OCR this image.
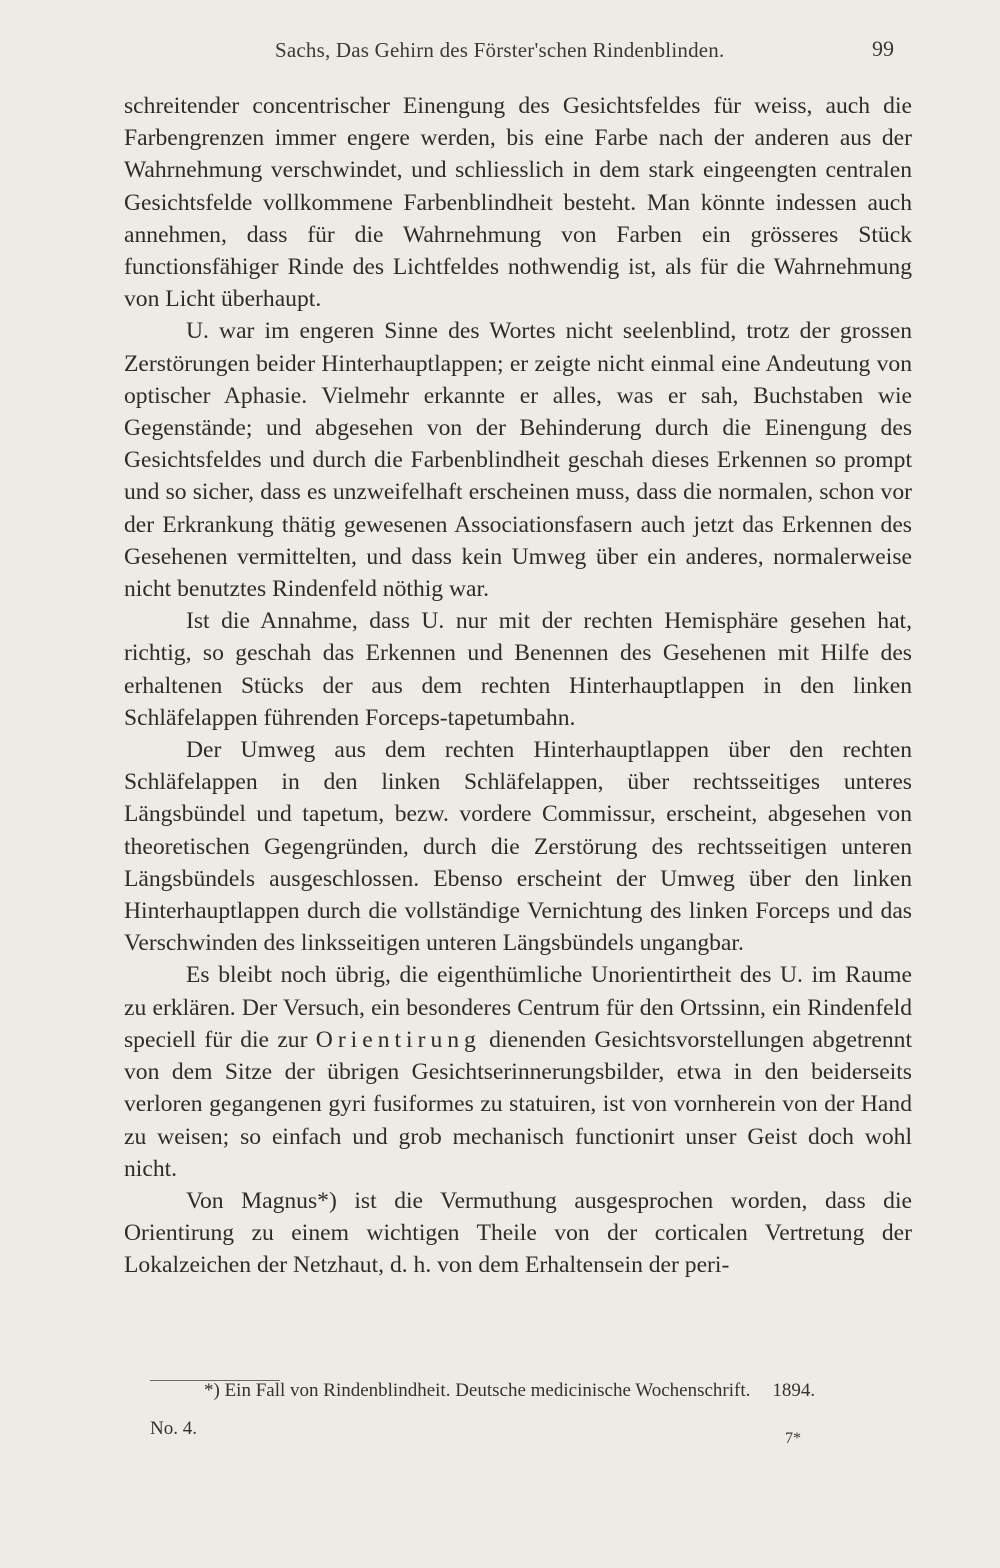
Sachs, Das Gehirn des Förster'schen Rindenblinden.	99

schreitender concentrischer Einengung des Gesichtsfeldes für weiss, auch die Farbengrenzen immer engere werden, bis eine Farbe nach der anderen aus der Wahrnehmung verschwindet, und schliesslich in dem stark eingeengten centralen Gesichtsfelde vollkommene Farbenblindheit besteht. Man könnte indessen auch annehmen, dass für die Wahrnehmung von Farben ein grösseres Stück functionsfähiger Rinde des Lichtfeldes nothwendig ist, als für die Wahrnehmung von Licht überhaupt.

U. war im engeren Sinne des Wortes nicht seelenblind, trotz der grossen Zerstörungen beider Hinterhauptlappen; er zeigte nicht einmal eine Andeutung von optischer Aphasie. Vielmehr erkannte er alles, was er sah, Buchstaben wie Gegenstände; und abgesehen von der Behinderung durch die Einengung des Gesichtsfeldes und durch die Farbenblindheit geschah dieses Erkennen so prompt und so sicher, dass es unzweifelhaft erscheinen muss, dass die normalen, schon vor der Erkrankung thätig gewesenen Associationsfasern auch jetzt das Erkennen des Gesehenen vermittelten, und dass kein Umweg über ein anderes, normalerweise nicht benutztes Rindenfeld nöthig war.

Ist die Annahme, dass U. nur mit der rechten Hemisphäre gesehen hat, richtig, so geschah das Erkennen und Benennen des Gesehenen mit Hilfe des erhaltenen Stücks der aus dem rechten Hinterhauptlappen in den linken Schläfelappen führenden Forceps-tapetumbahn.

Der Umweg aus dem rechten Hinterhauptlappen über den rechten Schläfelappen in den linken Schläfelappen, über rechtsseitiges unteres Längsbündel und tapetum, bezw. vordere Commissur, erscheint, abgesehen von theoretischen Gegengründen, durch die Zerstörung des rechtsseitigen unteren Längsbündels ausgeschlossen. Ebenso erscheint der Umweg über den linken Hinterhauptlappen durch die vollständige Vernichtung des linken Forceps und das Verschwinden des linksseitigen unteren Längsbündels ungangbar.

Es bleibt noch übrig, die eigenthümliche Unorientirtheit des U. im Raume zu erklären. Der Versuch, ein besonderes Centrum für den Ortssinn, ein Rindenfeld speciell für die zur Orientirung dienenden Gesichtsvorstellungen abgetrennt von dem Sitze der übrigen Gesichtserinnerungsbilder, etwa in den beiderseits verloren gegangenen gyri fusiformes zu statuiren, ist von vornherein von der Hand zu weisen; so einfach und grob mechanisch functionirt unser Geist doch wohl nicht.

Von Magnus*) ist die Vermuthung ausgesprochen worden, dass die Orientirung zu einem wichtigen Theile von der corticalen Vertretung der Lokalzeichen der Netzhaut, d. h. von dem Erhaltensein der peri-

*) Ein Fall von Rindenblindheit. Deutsche medicinische Wochenschrift. 1894.
No. 4.	7*
